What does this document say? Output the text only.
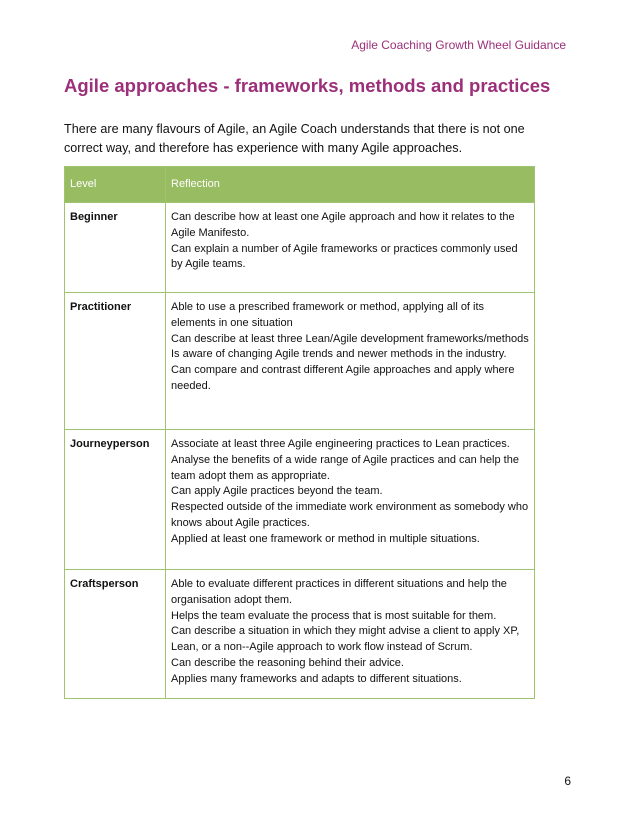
Agile Coaching Growth Wheel Guidance
Agile approaches - frameworks, methods and practices

There are many flavours of Agile, an Agile Coach understands that there is not one correct way, and therefore has experience with many Agile approaches.

Level	Reflection
Beginner	Can describe how at least one Agile approach and how it relates to the Agile Manifesto.
Can explain a number of Agile frameworks or practices commonly used by Agile teams.

Practitioner	Able to use a prescribed framework or method, applying all of its elements in one situation
Can describe at least three Lean/Agile development frameworks/methods
Is aware of changing Agile trends and newer methods in the industry.
Can compare and contrast different Agile approaches and apply where needed.

Journeyperson	Associate at least three Agile engineering practices to Lean practices.
Analyse the benefits of a wide range of Agile practices and can help the team adopt them as appropriate.
Can apply Agile practices beyond the team.
Respected outside of the immediate work environment as somebody who knows about Agile practices.
Applied at least one framework or method in multiple situations.

Craftsperson	Able to evaluate different practices in different situations and help the organisation adopt them.
Helps the team evaluate the process that is most suitable for them.
Can describe a situation in which they might advise a client to apply XP, Lean, or a non--Agile approach to work flow instead of Scrum.
Can describe the reasoning behind their advice.
Applies many frameworks and adapts to different situations.
6
